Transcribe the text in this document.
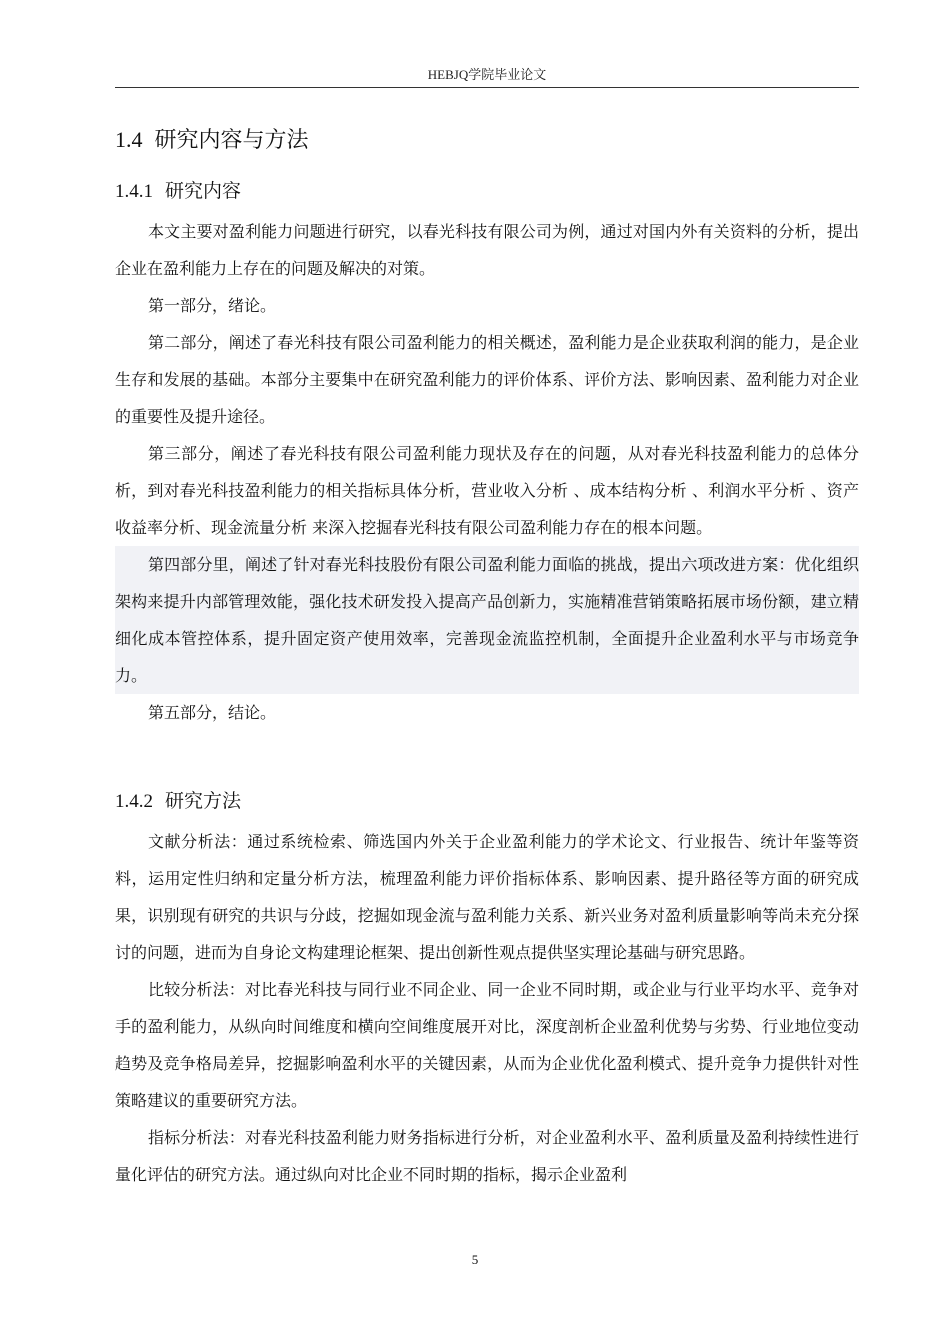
HEBJQ学院毕业论文
1.4 研究内容与方法
1.4.1 研究内容

本文主要对盈利能力问题进行研究，以春光科技有限公司为例，通过对国内外有关资料的分析，提出企业在盈利能力上存在的问题及解决的对策。

第一部分，绪论。

第二部分，阐述了春光科技有限公司盈利能力的相关概述，盈利能力是企业获取利润的能力，是企业生存和发展的基础。本部分主要集中在研究盈利能力的评价体系、评价方法、影响因素、盈利能力对企业的重要性及提升途径。

第三部分，阐述了春光科技有限公司盈利能力现状及存在的问题，从对春光科技盈利能力的总体分析，到对春光科技盈利能力的相关指标具体分析，营业收入分析 、成本结构分析 、利润水平分析 、资产收益率分析、现金流量分析 来深入挖掘春光科技有限公司盈利能力存在的根本问题。

第四部分里，阐述了针对春光科技股份有限公司盈利能力面临的挑战，提出六项改进方案：优化组织架构来提升内部管理效能，强化技术研发投入提高产品创新力，实施精准营销策略拓展市场份额，建立精细化成本管控体系，提升固定资产使用效率，完善现金流监控机制，全面提升企业盈利水平与市场竞争力。

第五部分，结论。

1.4.2 研究方法

文献分析法：通过系统检索、筛选国内外关于企业盈利能力的学术论文、行业报告、统计年鉴等资料，运用定性归纳和定量分析方法，梳理盈利能力评价指标体系、影响因素、提升路径等方面的研究成果，识别现有研究的共识与分歧，挖掘如现金流与盈利能力关系、新兴业务对盈利质量影响等尚未充分探讨的问题，进而为自身论文构建理论框架、提出创新性观点提供坚实理论基础与研究思路。

比较分析法：对比春光科技与同行业不同企业、同一企业不同时期，或企业与行业平均水平、竞争对手的盈利能力，从纵向时间维度和横向空间维度展开对比，深度剖析企业盈利优势与劣势、行业地位变动趋势及竞争格局差异，挖掘影响盈利水平的关键因素，从而为企业优化盈利模式、提升竞争力提供针对性策略建议的重要研究方法。

指标分析法：对春光科技盈利能力财务指标进行分析，对企业盈利水平、盈利质量及盈利持续性进行量化评估的研究方法。通过纵向对比企业不同时期的指标，揭示企业盈利

5
